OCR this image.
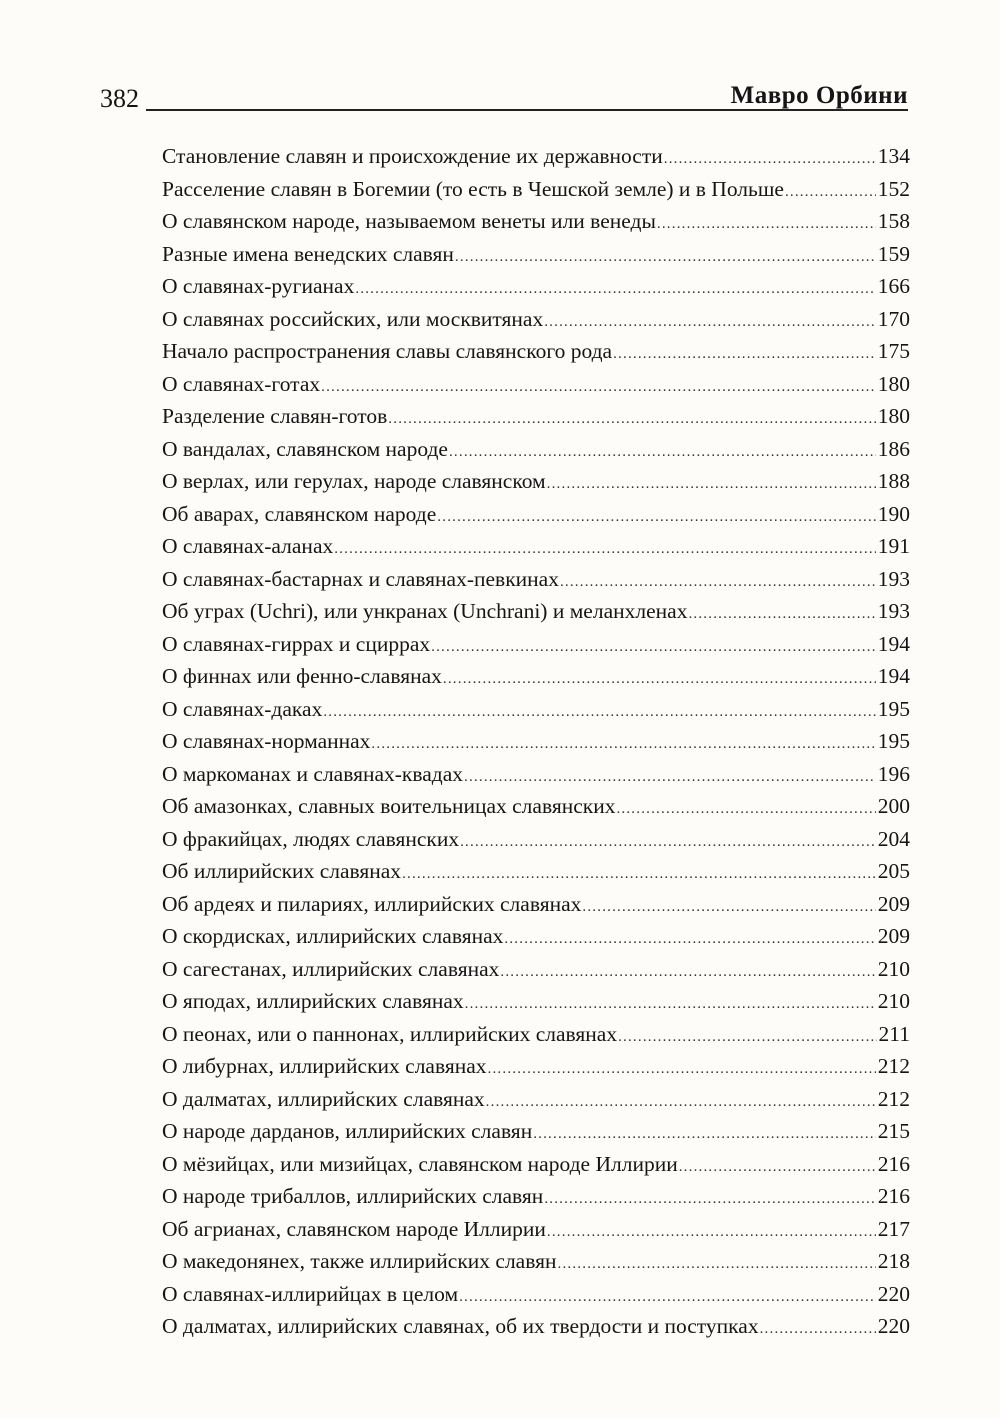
382	Мавро Орбини
Становление славян и происхождение их державности .....	134
Расселение славян в Богемии (то есть в Чешской земле) и в Польше .....	152
О славянском народе, называемом венеты или венеды .....	158
Разные имена венедских славян .....	159
О славянах-ругианах .....	166
О славянах российских, или москвитянах .....	170
Начало распространения славы славянского рода .....	175
О славянах-готах .....	180
Разделение славян-готов .....	180
О вандалах, славянском народе .....	186
О верлах, или герулах, народе славянском .....	188
Об аварах, славянском народе .....	190
О славянах-аланах .....	191
О славянах-бастарнах и славянах-певкинах .....	193
Об уграх (Uchri), или ункранах (Unchrani) и меланхленах .....	193
О славянах-гиррах и сциррах .....	194
О финнах или фенно-славянах .....	194
О славянах-даках .....	195
О славянах-норманнах .....	195
О маркоманах и славянах-квадах .....	196
Об амазонках, славных воительницах славянских .....	200
О фракийцах, людях славянских .....	204
Об иллирийских славянах .....	205
Об ардеях и пилариях, иллирийских славянах .....	209
О скордисках, иллирийских славянах .....	209
О сагестанах, иллирийских славянах .....	210
О яподах, иллирийских славянах .....	210
О пеонах, или о паннонах, иллирийских славянах .....	211
О либурнах, иллирийских славянах .....	212
О далматах, иллирийских славянах .....	212
О народе дарданов, иллирийских славян .....	215
О мёзийцах, или мизийцах, славянском народе Иллирии .....	216
О народе трибаллов, иллирийских славян .....	216
Об агрианах, славянском народе Иллирии .....	217
О македонянех, также иллирийских славян .....	218
О славянах-иллирийцах в целом .....	220
О далматах, иллирийских славянах, об их твердости и поступках .....	220
